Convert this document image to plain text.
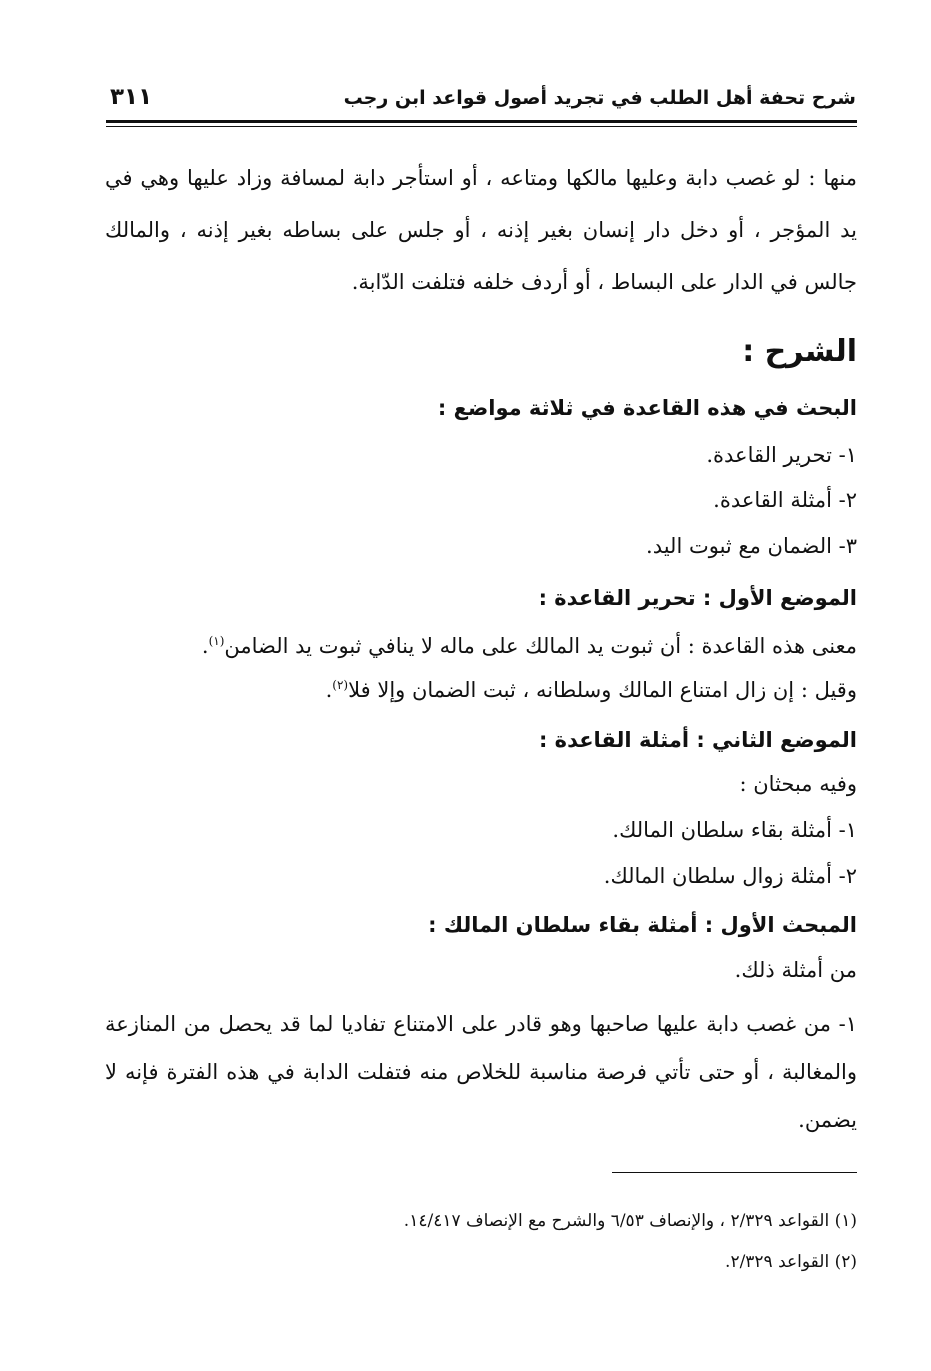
شرح تحفة أهل الطلب في تجريد أصول قواعد ابن رجب
٣١١

منها : لو غصب دابة وعليها مالكها ومتاعه ، أو استأجر دابة لمسافة وزاد عليها وهي في يد المؤجر ، أو دخل دار إنسان بغير إذنه ، أو جلس على بساطه بغير إذنه ، والمالك جالس في الدار على البساط ، أو أردف خلفه فتلفت الدّابة.

الشرح :
البحث في هذه القاعدة في ثلاثة مواضع :
١- تحرير القاعدة.
٢- أمثلة القاعدة.
٣- الضمان مع ثبوت اليد.
الموضع الأول : تحرير القاعدة :
معنى هذه القاعدة : أن ثبوت يد المالك على ماله لا ينافي ثبوت يد الضامن$^{(١)}$.
وقيل : إن زال امتناع المالك وسلطانه ، ثبت الضمان وإلا فلا$^{(٢)}$.
الموضع الثاني : أمثلة القاعدة :
وفيه مبحثان :
١- أمثلة بقاء سلطان المالك.
٢- أمثلة زوال سلطان المالك.
المبحث الأول : أمثلة بقاء سلطان المالك :
من أمثلة ذلك.
١- من غصب دابة عليها صاحبها وهو قادر على الامتناع تفاديا لما قد يحصل من المنازعة والمغالبة ، أو حتى تأتي فرصة مناسبة للخلاص منه فتفلت الدابة في هذه الفترة فإنه لا يضمن.
(١) القواعد ٢/٣٢٩ ، والإنصاف ٦/٥٣ والشرح مع الإنصاف ١٤/٤١٧.
(٢) القواعد ٢/٣٢٩.
